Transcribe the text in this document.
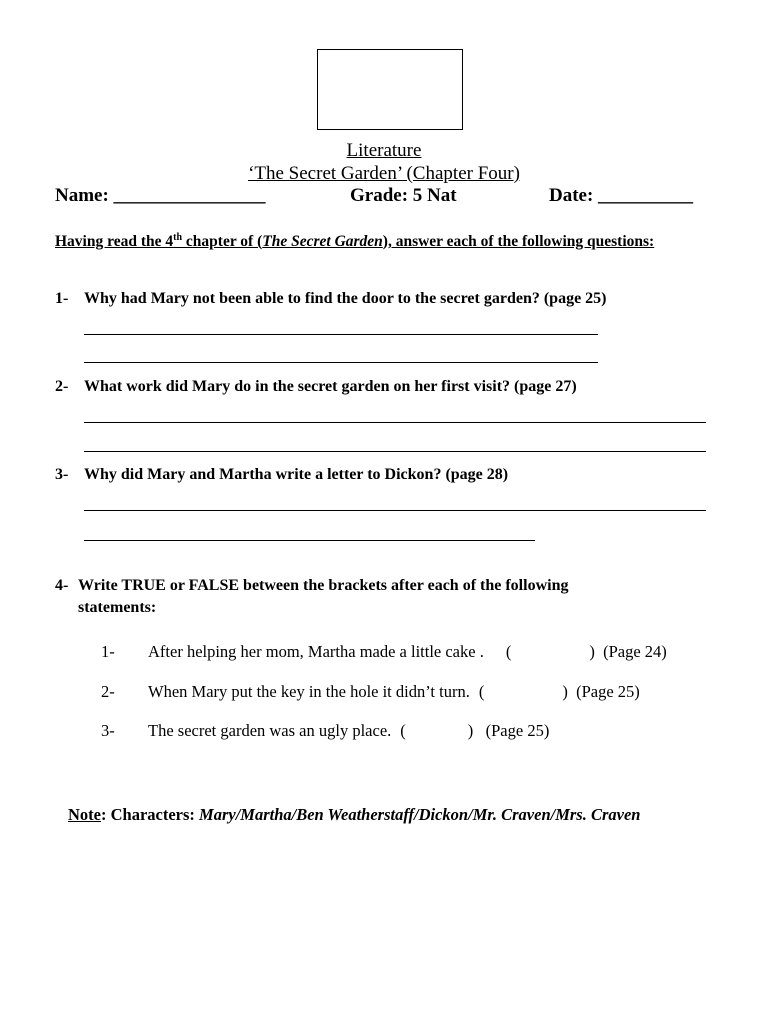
Literature
‘The Secret Garden’ (Chapter Four)
Name: ________________	Grade: 5 Nat	Date: __________
Having read the 4th chapter of (The Secret Garden), answer each of the following questions:
1- Why had Mary not been able to find the door to the secret garden? (page 25)
2- What work did Mary do in the secret garden on her first visit? (page 27)
3- Why did Mary and Martha write a letter to Dickon? (page 28)
4- Write TRUE or FALSE between the brackets after each of the following
statements:
1- After helping her mom, Martha made a little cake . (	) (Page 24)
2- When Mary put the key in the hole it didn’t turn. (	) (Page 25)
3- The secret garden was an ugly place. (	) (Page 25)
Note: Characters: Mary/Martha/Ben Weatherstaff/Dickon/Mr. Craven/Mrs. Craven
